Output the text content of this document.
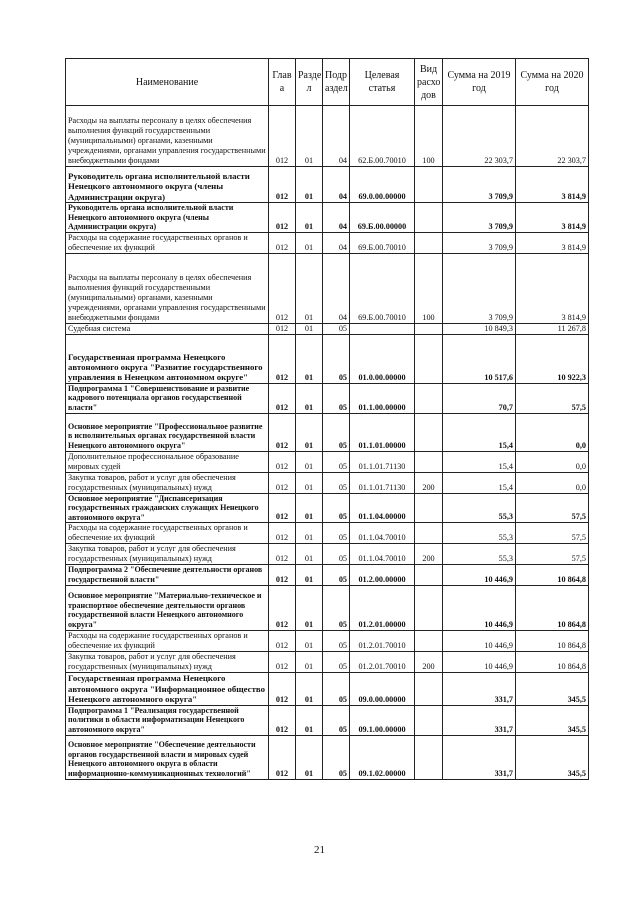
Наименование	Глав а	Разде л	Подр аздел	Целевая статья	Вид расхо дов	Сумма на 2019 год	Сумма на 2020 год
Расходы на выплаты персоналу в целях обеспечения выполнения функций государственными (муниципальными) органами, казенными учреждениями, органами управления государственными внебюджетными фондами	012	01	04	62.Б.00.70010	100	22 303,7	22 303,7
Руководитель органа исполнительной власти Ненецкого автономного округа (члены Администрации округа)	012	01	04	69.0.00.00000		3 709,9	3 814,9
Руководитель органа исполнительной власти Ненецкого автономного округа (члены Администрации округа)	012	01	04	69.Б.00.00000		3 709,9	3 814,9
Расходы на содержание государственных органов и обеспечение их функций	012	01	04	69.Б.00.70010		3 709,9	3 814,9
Расходы на выплаты персоналу в целях обеспечения выполнения функций государственными (муниципальными) органами, казенными учреждениями, органами управления государственными внебюджетными фондами	012	01	04	69.Б.00.70010	100	3 709,9	3 814,9
Судебная система	012	01	05			10 849,3	11 267,8
Государственная программа Ненецкого автономного округа "Развитие государственного управления в Ненецком автономном округе"	012	01	05	01.0.00.00000		10 517,6	10 922,3
Подпрограмма 1 "Совершенствование и развитие кадрового потенциала органов государственной власти"	012	01	05	01.1.00.00000		70,7	57,5
Основное мероприятие "Профессиональное развитие в исполнительных органах государственной власти Ненецкого автономного округа"	012	01	05	01.1.01.00000		15,4	0,0
Дополнительное профессиональное образование мировых судей	012	01	05	01.1.01.71130		15,4	0,0
Закупка товаров, работ и услуг для обеспечения государственных (муниципальных) нужд	012	01	05	01.1.01.71130	200	15,4	0,0
Основное мероприятие "Диспансеризация государственных гражданских служащих Ненецкого автономного округа"	012	01	05	01.1.04.00000		55,3	57,5
Расходы на содержание государственных органов и обеспечение их функций	012	01	05	01.1.04.70010		55,3	57,5
Закупка товаров, работ и услуг для обеспечения государственных (муниципальных) нужд	012	01	05	01.1.04.70010	200	55,3	57,5
Подпрограмма 2 "Обеспечение деятельности органов государственной власти"	012	01	05	01.2.00.00000		10 446,9	10 864,8
Основное мероприятие "Материально-техническое и транспортное обеспечение деятельности органов государственной власти Ненецкого автономного округа"	012	01	05	01.2.01.00000		10 446,9	10 864,8
Расходы на содержание государственных органов и обеспечение их функций	012	01	05	01.2.01.70010		10 446,9	10 864,8
Закупка товаров, работ и услуг для обеспечения государственных (муниципальных) нужд	012	01	05	01.2.01.70010	200	10 446,9	10 864,8
Государственная программа Ненецкого автономного округа "Информационное общество Ненецкого автономного округа"	012	01	05	09.0.00.00000		331,7	345,5
Подпрограмма 1 "Реализация государственной политики в области информатизации Ненецкого автономного округа"	012	01	05	09.1.00.00000		331,7	345,5
Основное мероприятие "Обеспечение деятельности органов государственной власти и мировых судей Ненецкого автономного округа в области информационно-коммуникационных технологий"	012	01	05	09.1.02.00000		331,7	345,5
21
